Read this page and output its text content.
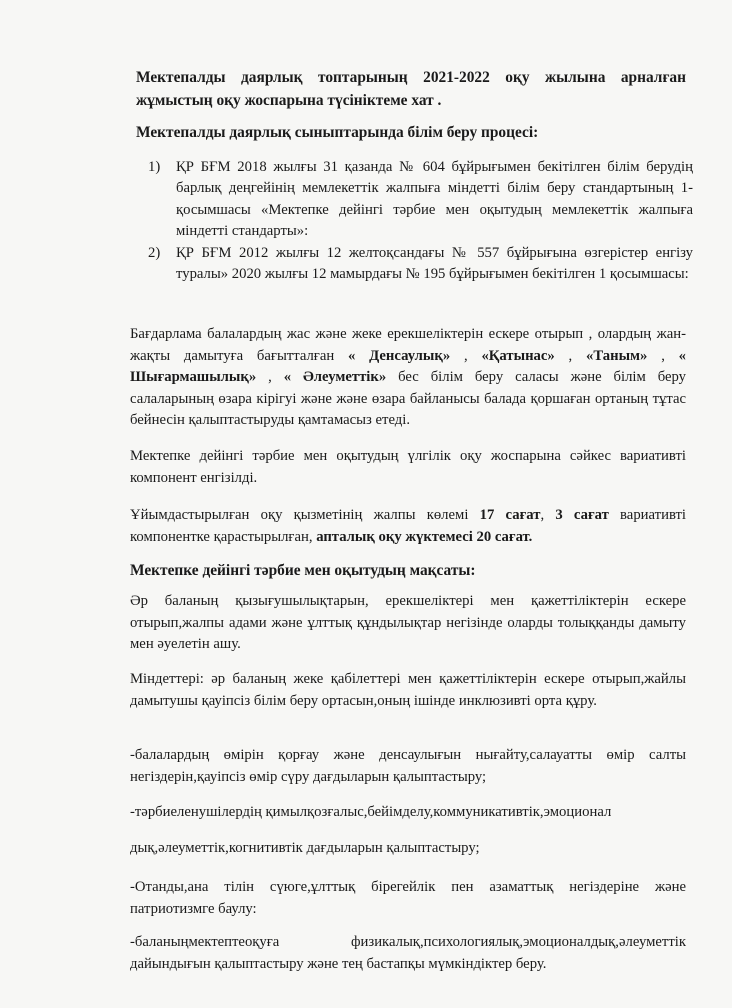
Мектепалды даярлық топтарының 2021-2022 оқу жылына арналған жұмыстың оқу жоспарына түсініктеме хат .
Мектепалды даярлық сыныптарында білім беру процесі:
1) ҚР БҒМ 2018 жылғы 31 қазанда № 604 бұйрығымен бекітілген білім берудің барлық деңгейінің мемлекеттік жалпыға міндетті білім беру стандартының 1-қосымшасы «Мектепке дейінгі тәрбие мен оқытудың мемлекеттік жалпыға міндетті стандарты»:
2) ҚР БҒМ 2012 жылғы 12 желтоқсандағы № 557 бұйрығына өзгерістер енгізу туралы» 2020 жылғы 12 мамырдағы № 195 бұйрығымен бекітілген 1 қосымшасы:
Бағдарлама балалардың жас және жеке ерекшеліктерін ескере отырып , олардың жан-жақты дамытуға бағытталған « Денсаулық» , «Қатынас» , «Таным» , « Шығармашылық» , « Әлеуметтік» бес білім беру саласы және білім беру салаларының өзара кірігуі және және өзара байланысы балада қоршаған ортаның тұтас бейнесін қалыптастыруды қамтамасыз етеді.
Мектепке дейінгі тәрбие мен оқытудың үлгілік оқу жоспарына сәйкес вариативті компонент енгізілді.
Ұйымдастырылған оқу қызметінің жалпы көлемі 17 сағат, 3 сағат вариативті компонентке қарастырылған, апталық оқу жүктемесі 20 сағат.
Мектепке дейінгі тәрбие мен оқытудың мақсаты:
Әр баланың қызығушылықтарын, ерекшеліктері мен қажеттіліктерін ескере отырып,жалпы адами және ұлттық құндылықтар негізінде оларды толыққанды дамыту мен әуелетін ашу.
Міндеттері: әр баланың жеке қабілеттері мен қажеттіліктерін ескере отырып,жайлы дамытушы қауіпсіз білім беру ортасын,оның ішінде инклюзивті орта құру.
-балалардың өмірін қорғау және денсаулығын нығайту,салауатты өмір салты негіздерін,қауіпсіз өмір сүру дағдыларын қалыптастыру;
-тәрбиеленушілердің қимылқозғалыс,бейімделу,коммуникативтік,эмоционал
дық,әлеуметтік,когнитивтік дағдыларын қалыптастыру;
-Отанды,ана тілін сүюге,ұлттық бірегейлік пен азаматтық негіздеріне және патриотизмге баулу:
-баланыңмектептеоқуға физикалық,психологиялық,эмоционалдық,әлеуметтік дайындығын қалыптастыру және тең бастапқы мүмкіндіктер беру.
